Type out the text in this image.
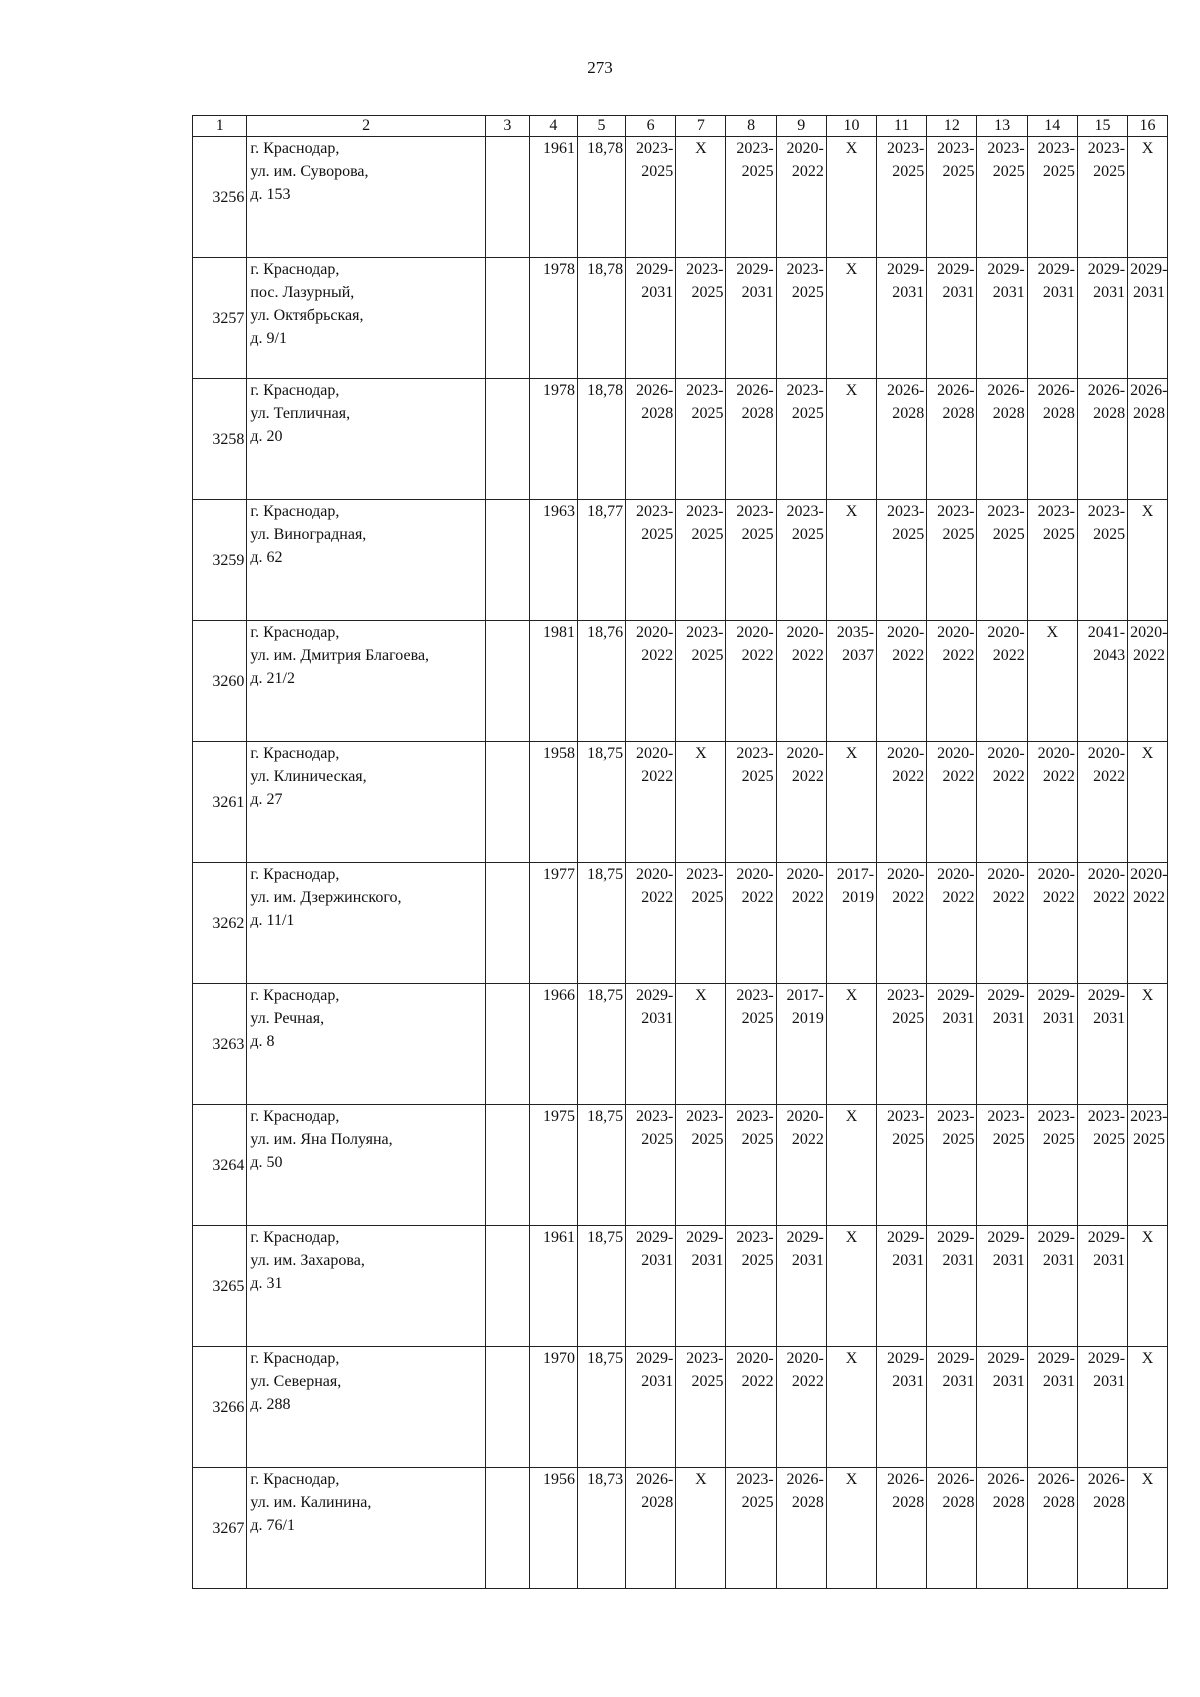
273
1	2	3	4	5	6	7	8	9	10	11	12	13	14	15	16
3256	г. Краснодар,
ул. им. Суворова,
д. 153		1961	18,78	2023-
2025	X	2023-
2025	2020-
2022	X	2023-
2025	2023-
2025	2023-
2025	2023-
2025	2023-
2025	X

3257	г. Краснодар,
пос. Лазурный,
ул. Октябрьская,
д. 9/1		1978	18,78	2029-
2031	2023-
2025	2029-
2031	2023-
2025	X	2029-
2031	2029-
2031	2029-
2031	2029-
2031	2029-
2031	2029-
2031

3258	г. Краснодар,
ул. Тепличная,
д. 20		1978	18,78	2026-
2028	2023-
2025	2026-
2028	2023-
2025	X	2026-
2028	2026-
2028	2026-
2028	2026-
2028	2026-
2028	2026-
2028

3259	г. Краснодар,
ул. Виноградная,
д. 62		1963	18,77	2023-
2025	2023-
2025	2023-
2025	2023-
2025	X	2023-
2025	2023-
2025	2023-
2025	2023-
2025	2023-
2025	X

3260	г. Краснодар,
ул. им. Дмитрия Благоева,
д. 21/2		1981	18,76	2020-
2022	2023-
2025	2020-
2022	2020-
2022	2035-
2037	2020-
2022	2020-
2022	2020-
2022	X	2041-
2043	2020-
2022

3261	г. Краснодар,
ул. Клиническая,
д. 27		1958	18,75	2020-
2022	X	2023-
2025	2020-
2022	X	2020-
2022	2020-
2022	2020-
2022	2020-
2022	2020-
2022	X

3262	г. Краснодар,
ул. им. Дзержинского,
д. 11/1		1977	18,75	2020-
2022	2023-
2025	2020-
2022	2020-
2022	2017-
2019	2020-
2022	2020-
2022	2020-
2022	2020-
2022	2020-
2022	2020-
2022

3263	г. Краснодар,
ул. Речная,
д. 8		1966	18,75	2029-
2031	X	2023-
2025	2017-
2019	X	2023-
2025	2029-
2031	2029-
2031	2029-
2031	2029-
2031	X

3264	г. Краснодар,
ул. им. Яна Полуяна,
д. 50		1975	18,75	2023-
2025	2023-
2025	2023-
2025	2020-
2022	X	2023-
2025	2023-
2025	2023-
2025	2023-
2025	2023-
2025	2023-
2025

3265	г. Краснодар,
ул. им. Захарова,
д. 31		1961	18,75	2029-
2031	2029-
2031	2023-
2025	2029-
2031	X	2029-
2031	2029-
2031	2029-
2031	2029-
2031	2029-
2031	X

3266	г. Краснодар,
ул. Северная,
д. 288		1970	18,75	2029-
2031	2023-
2025	2020-
2022	2020-
2022	X	2029-
2031	2029-
2031	2029-
2031	2029-
2031	2029-
2031	X

3267	г. Краснодар,
ул. им. Калинина,
д. 76/1		1956	18,73	2026-
2028	X	2023-
2025	2026-
2028	X	2026-
2028	2026-
2028	2026-
2028	2026-
2028	2026-
2028	X
